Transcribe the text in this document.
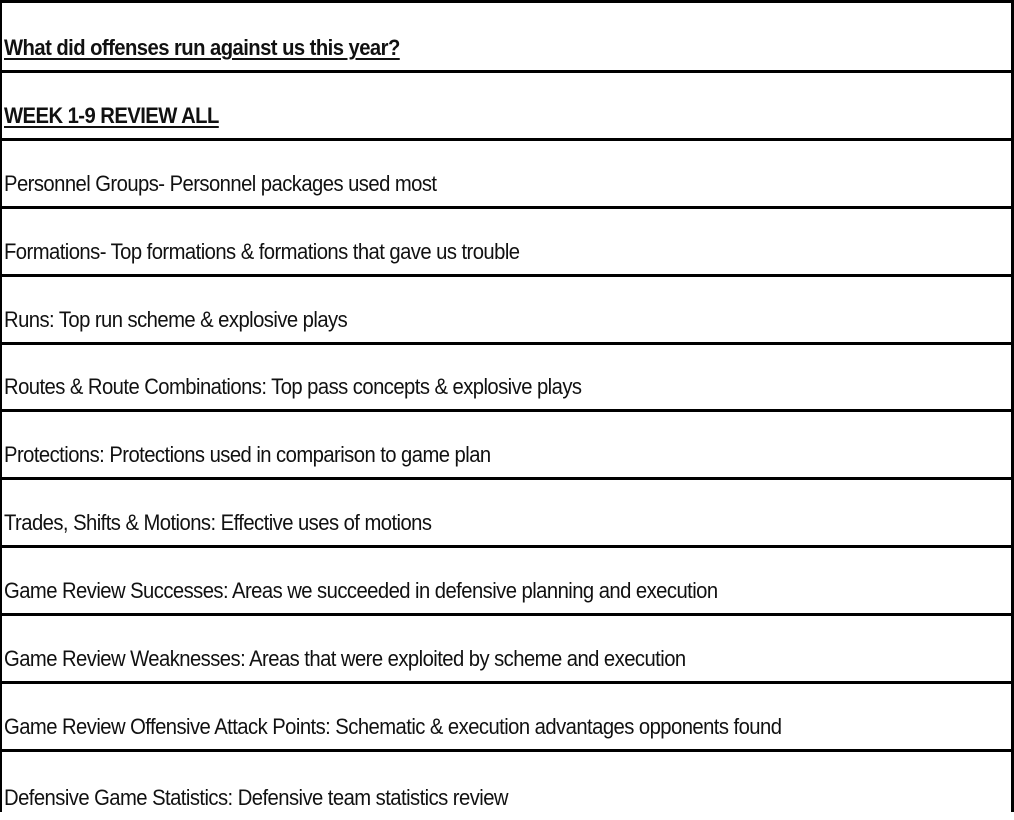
What did offenses run against us this year?
WEEK 1-9 REVIEW ALL
Personnel Groups- Personnel packages used most
Formations- Top formations & formations that gave us trouble
Runs: Top run scheme & explosive plays
Routes & Route Combinations: Top pass concepts & explosive plays
Protections: Protections used in comparison to game plan
Trades, Shifts & Motions: Effective uses of motions
Game Review Successes: Areas we succeeded in defensive planning and execution
Game Review Weaknesses: Areas that were exploited by scheme and execution
Game Review Offensive Attack Points: Schematic & execution advantages opponents found
Defensive Game Statistics: Defensive team statistics review
